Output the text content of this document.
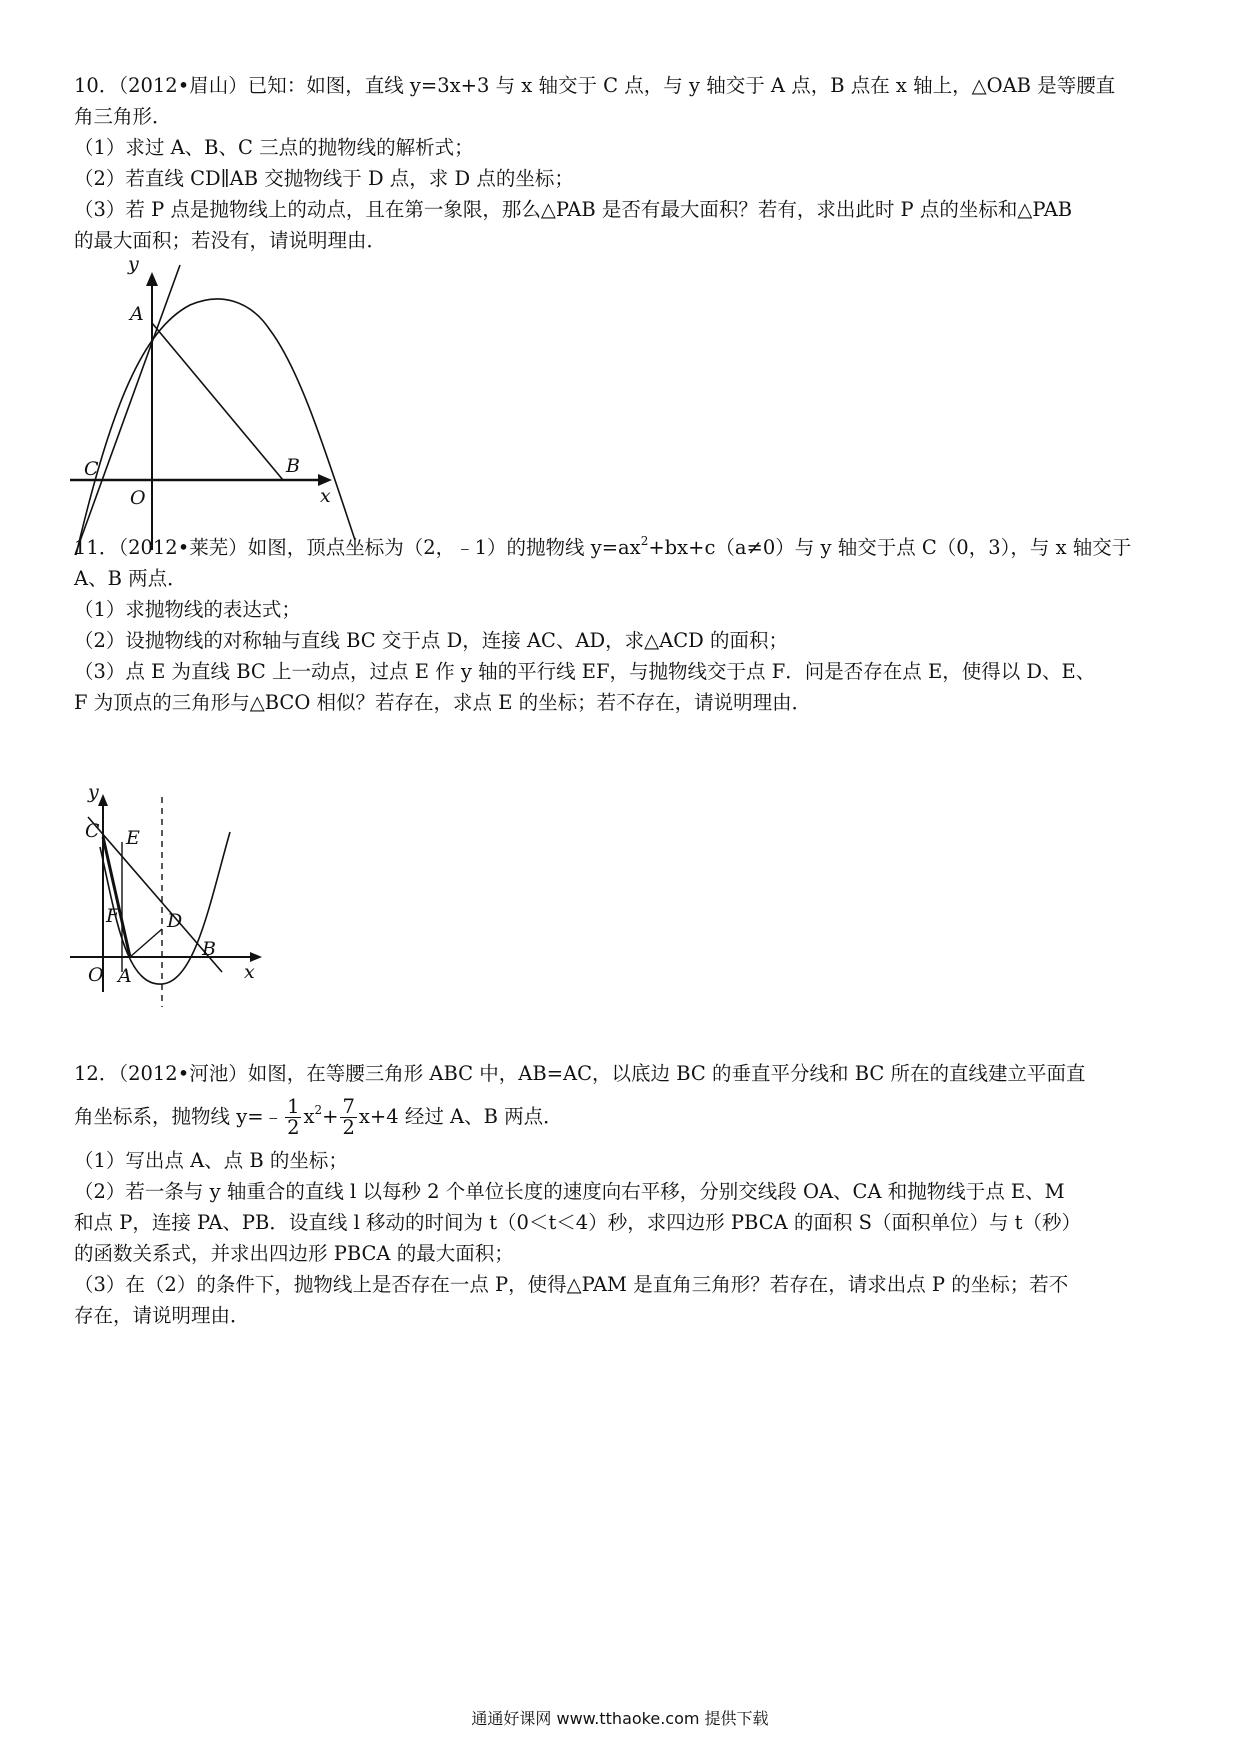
10．（2012•眉山）已知：如图，直线 y=3x+3 与 x 轴交于 C 点，与 y 轴交于 A 点，B 点在 x 轴上，△OAB 是等腰直
角三角形．
（1）求过 A、B、C 三点的抛物线的解析式；
（2）若直线 CD∥AB 交抛物线于 D 点，求 D 点的坐标；
（3）若 P 点是抛物线上的动点，且在第一象限，那么△PAB 是否有最大面积？若有，求出此时 P 点的坐标和△PAB
的最大面积；若没有，请说明理由．
y
x
A
B
C
O
11．（2012•莱芜）如图，顶点坐标为（2，﹣1）的抛物线 $y=ax^2+bx+c(a\ne 0)$与 y 轴交于点 C（0，3），与 x 轴交于
A、B 两点．
（1）求抛物线的表达式；
（2）设抛物线的对称轴与直线 BC 交于点 D，连接 AC、AD，求△ACD 的面积；
（3）点 E 为直线 BC 上一动点，过点 E 作 y 轴的平行线 EF，与抛物线交于点 F．问是否存在点 E，使得以 D、E、
F 为顶点的三角形与△BCO 相似？若存在，求点 E 的坐标；若不存在，请说明理由．
y
x
C E
D
F
B
O A
12．（2012•河池）如图，在等腰三角形 ABC 中，AB=AC，以底边 BC 的垂直平分线和 BC 所在的直线建立平面直
角坐标系，抛物线 y=﹣ $\frac{1}{2} x^2+ \frac{7}{2} x+4$ 经过 A、B 两点．
（1）写出点 A、点 B 的坐标；
（2）若一条与 y 轴重合的直线 l 以每秒 2 个单位长度的速度向右平移，分别交线段 OA、CA 和抛物线于点 E、M
和点 P，连接 PA、PB．设直线 l 移动的时间为 t（0＜t＜4）秒，求四边形 PBCA 的面积 S（面积单位）与 t（秒）
的函数关系式，并求出四边形 PBCA 的最大面积；
（3）在（2）的条件下，抛物线上是否存在一点 P，使得△PAM 是直角三角形？若存在，请求出点 P 的坐标；若不
存在，请说明理由．
通通好课网 www.tthaoke.com 提供下载
